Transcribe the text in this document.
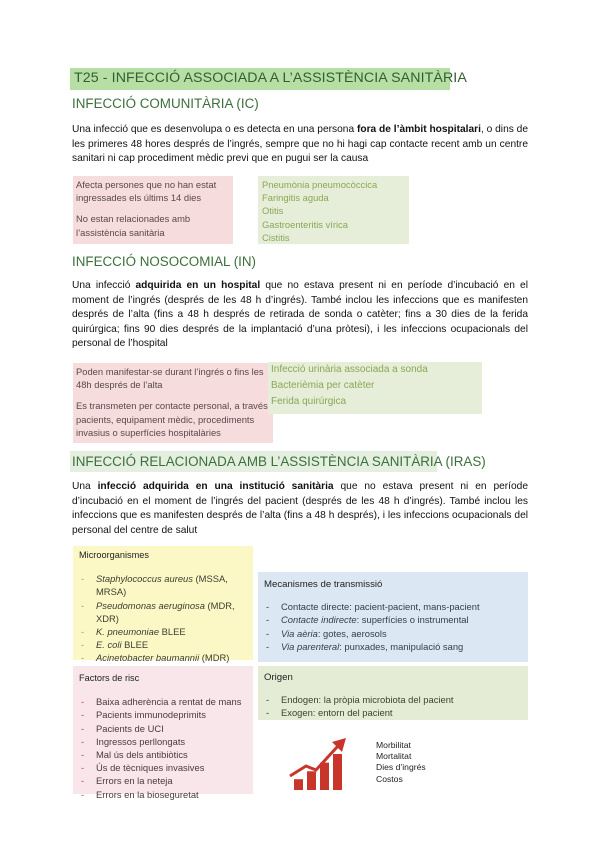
T25 - INFECCIÓ ASSOCIADA A L’ASSISTÈNCIA SANITÀRIA
INFECCIÓ COMUNITÀRIA (IC)
Una infecció que es desenvolupa o es detecta en una persona fora de l’àmbit hospitalari, o dins de les primeres 48 hores després de l’ingrés, sempre que no hi hagi cap contacte recent amb un centre sanitari ni cap procediment mèdic previ que en pugui ser la causa
Afecta persones que no han estat ingressades els últims 14 dies
No estan relacionades amb l’assistència sanitària
Pneumònia pneumocòccica
Faringitis aguda
Otitis
Gastroenteritis vírica
Cistitis
INFECCIÓ NOSOCOMIAL (IN)
Una infecció adquirida en un hospital que no estava present ni en període d’incubació en el moment de l’ingrés (després de les 48 h d’ingrés). També inclou les infeccions que es manifesten després de l’alta (fins a 48 h després de retirada de sonda o catèter; fins a 30 dies de la ferida quirúrgica; fins 90 dies després de la implantació d’una pròtesi), i les infeccions ocupacionals del personal de l’hospital
Poden manifestar-se durant l’ingrés o fins les 48h després de l’alta
Es transmeten per contacte personal, a través pacients, equipament mèdic, procediments invasius o superfícies hospitalàries
Infecció urinària associada a sonda
Bacterièmia per catèter
Ferida quirúrgica
INFECCIÓ RELACIONADA AMB L’ASSISTÈNCIA SANITÀRIA (IRAS)
Una infecció adquirida en una institució sanitària que no estava present ni en període d’incubació en el moment de l’ingrés del pacient (després de les 48 h d’ingrés). També inclou les infeccions que es manifesten després de l’alta (fins a 48 h després), i les infeccions ocupacionals del personal del centre de salut
Microorganismes
- Staphylococcus aureus (MSSA, MRSA)
- Pseudomonas aeruginosa (MDR, XDR)
- K. pneumoniae BLEE
- E. coli BLEE
- Acinetobacter baumannii (MDR)
-
-
Mecanismes de transmissió
- Contacte directe: pacient-pacient, mans-pacient
- Contacte indirecte: superfícies o instrumental
- Via aèria: gotes, aerosols
- Via parenteral: punxades, manipulació sang
Factors de risc
- Baixa adherència a rentat de mans
- Pacients immunodeprimits
- Pacients de UCI
- Ingressos perllongats
- Mal ús dels antibiòtics
- Ús de tècniques invasives
- Errors en la neteja
- Errors en la bioseguretat
Origen
- Endogen: la pròpia microbiota del pacient
- Exogen: entorn del pacient
Morbilitat
Mortalitat
Dies d’ingrés
Costos
